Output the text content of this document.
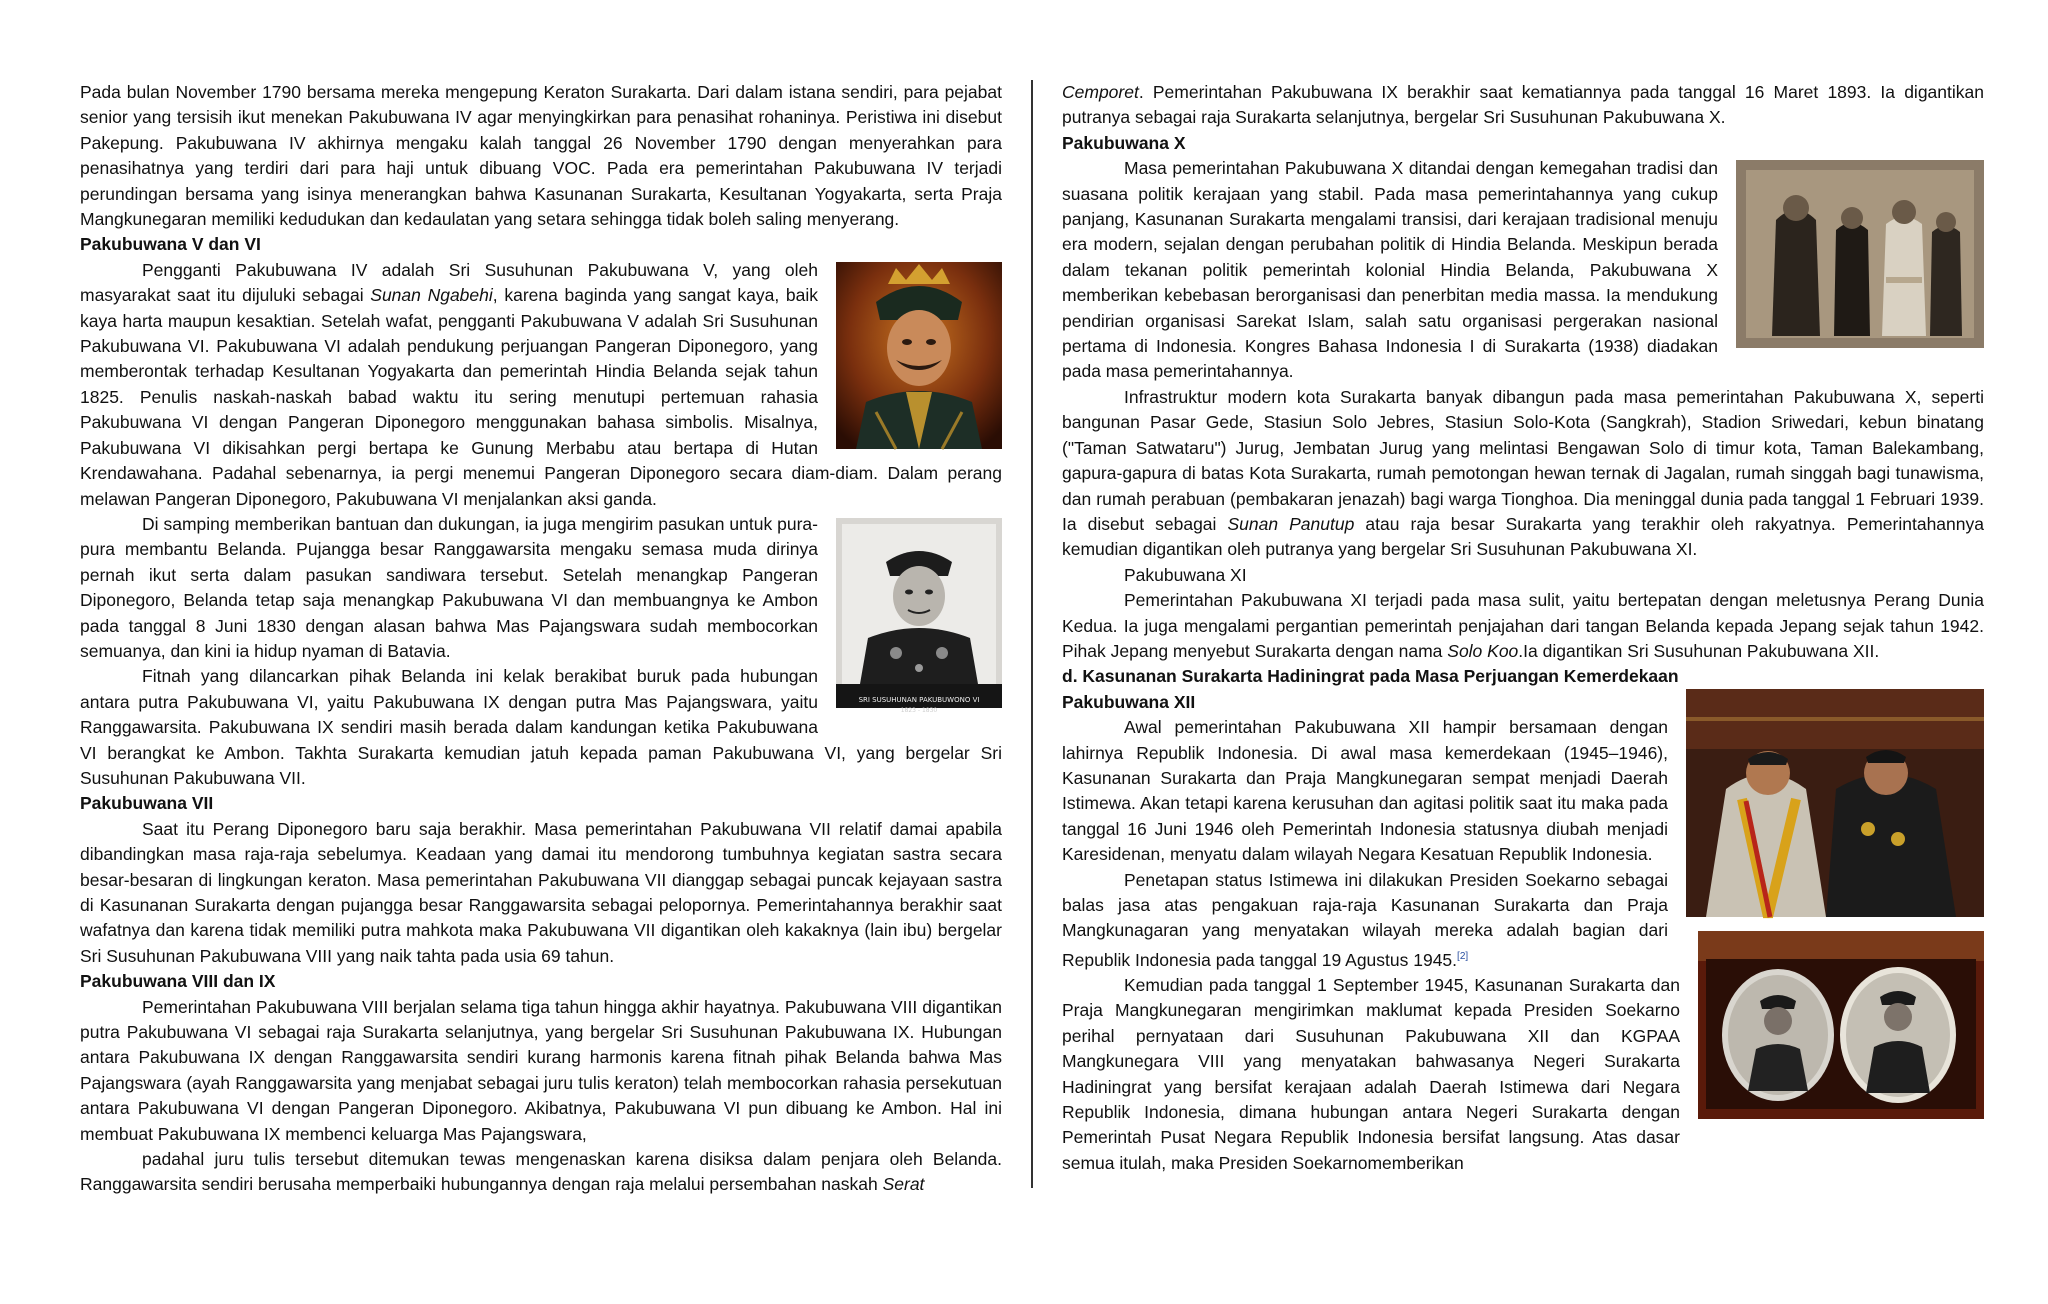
Pada bulan November 1790 bersama mereka mengepung Keraton Surakarta. Dari dalam istana sendiri, para pejabat senior yang tersisih ikut menekan Pakubuwana IV agar menyingkirkan para penasihat rohaninya. Peristiwa ini disebut Pakepung. Pakubuwana IV akhirnya mengaku kalah tanggal 26 November 1790 dengan menyerahkan para penasihatnya yang terdiri dari para haji untuk dibuang VOC. Pada era pemerintahan Pakubuwana IV terjadi perundingan bersama yang isinya menerangkan bahwa Kasunanan Surakarta, Kesultanan Yogyakarta, serta Praja Mangkunegaran memiliki kedudukan dan kedaulatan yang setara sehingga tidak boleh saling menyerang.

Pakubuwana V dan VI

Pengganti Pakubuwana IV adalah Sri Susuhunan Pakubuwana V, yang oleh masyarakat saat itu dijuluki sebagai Sunan Ngabehi, karena baginda yang sangat kaya, baik kaya harta maupun kesaktian. Setelah wafat, pengganti Pakubuwana V adalah Sri Susuhunan Pakubuwana VI. Pakubuwana VI adalah pendukung perjuangan Pangeran Diponegoro, yang memberontak terhadap Kesultanan Yogyakarta dan pemerintah Hindia Belanda sejak tahun 1825. Penulis naskah-naskah babad waktu itu sering menutupi pertemuan rahasia Pakubuwana VI dengan Pangeran Diponegoro menggunakan bahasa simbolis. Misalnya, Pakubuwana VI dikisahkan pergi bertapa ke Gunung Merbabu atau bertapa di Hutan Krendawahana. Padahal sebenarnya, ia pergi menemui Pangeran Diponegoro secara diam-diam. Dalam perang melawan Pangeran Diponegoro, Pakubuwana VI menjalankan aksi ganda.

SRI SUSUHUNAN PAKUBUWONO VI
1823 - 1830

Di samping memberikan bantuan dan dukungan, ia juga mengirim pasukan untuk pura-pura membantu Belanda. Pujangga besar Ranggawarsita mengaku semasa muda dirinya pernah ikut serta dalam pasukan sandiwara tersebut. Setelah menangkap Pangeran Diponegoro, Belanda tetap saja menangkap Pakubuwana VI dan membuangnya ke Ambon pada tanggal 8 Juni 1830 dengan alasan bahwa Mas Pajangswara sudah membocorkan semuanya, dan kini ia hidup nyaman di Batavia.

Fitnah yang dilancarkan pihak Belanda ini kelak berakibat buruk pada hubungan antara putra Pakubuwana VI, yaitu Pakubuwana IX dengan putra Mas Pajangswara, yaitu Ranggawarsita. Pakubuwana IX sendiri masih berada dalam kandungan ketika Pakubuwana VI berangkat ke Ambon. Takhta Surakarta kemudian jatuh kepada paman Pakubuwana VI, yang bergelar Sri Susuhunan Pakubuwana VII.

Pakubuwana VII

Saat itu Perang Diponegoro baru saja berakhir. Masa pemerintahan Pakubuwana VII relatif damai apabila dibandingkan masa raja-raja sebelumya. Keadaan yang damai itu mendorong tumbuhnya kegiatan sastra secara besar-besaran di lingkungan keraton. Masa pemerintahan Pakubuwana VII dianggap sebagai puncak kejayaan sastra di Kasunanan Surakarta dengan pujangga besar Ranggawarsita sebagai pelopornya. Pemerintahannya berakhir saat wafatnya dan karena tidak memiliki putra mahkota maka Pakubuwana VII digantikan oleh kakaknya (lain ibu) bergelar Sri Susuhunan Pakubuwana VIII yang naik tahta pada usia 69 tahun.

Pakubuwana VIII dan IX

Pemerintahan Pakubuwana VIII berjalan selama tiga tahun hingga akhir hayatnya. Pakubuwana VIII digantikan putra Pakubuwana VI sebagai raja Surakarta selanjutnya, yang bergelar Sri Susuhunan Pakubuwana IX. Hubungan antara Pakubuwana IX dengan Ranggawarsita sendiri kurang harmonis karena fitnah pihak Belanda bahwa Mas Pajangswara (ayah Ranggawarsita yang menjabat sebagai juru tulis keraton) telah membocorkan rahasia persekutuan antara Pakubuwana VI dengan Pangeran Diponegoro. Akibatnya, Pakubuwana VI pun dibuang ke Ambon. Hal ini membuat Pakubuwana IX membenci keluarga Mas Pajangswara,

padahal juru tulis tersebut ditemukan tewas mengenaskan karena disiksa dalam penjara oleh Belanda. Ranggawarsita sendiri berusaha memperbaiki hubungannya dengan raja melalui persembahan naskah Serat

Cemporet. Pemerintahan Pakubuwana IX berakhir saat kematiannya pada tanggal 16 Maret 1893. Ia digantikan putranya sebagai raja Surakarta selanjutnya, bergelar Sri Susuhunan Pakubuwana X.

Pakubuwana X

Masa pemerintahan Pakubuwana X ditandai dengan kemegahan tradisi dan suasana politik kerajaan yang stabil. Pada masa pemerintahannya yang cukup panjang, Kasunanan Surakarta mengalami transisi, dari kerajaan tradisional menuju era modern, sejalan dengan perubahan politik di Hindia Belanda. Meskipun berada dalam tekanan politik pemerintah kolonial Hindia Belanda, Pakubuwana X memberikan kebebasan berorganisasi dan penerbitan media massa. Ia mendukung pendirian organisasi Sarekat Islam, salah satu organisasi pergerakan nasional pertama di Indonesia. Kongres Bahasa Indonesia I di Surakarta (1938) diadakan pada masa pemerintahannya.

Infrastruktur modern kota Surakarta banyak dibangun pada masa pemerintahan Pakubuwana X, seperti bangunan Pasar Gede, Stasiun Solo Jebres, Stasiun Solo-Kota (Sangkrah), Stadion Sriwedari, kebun binatang ("Taman Satwataru") Jurug, Jembatan Jurug yang melintasi Bengawan Solo di timur kota, Taman Balekambang, gapura-gapura di batas Kota Surakarta, rumah pemotongan hewan ternak di Jagalan, rumah singgah bagi tunawisma, dan rumah perabuan (pembakaran jenazah) bagi warga Tionghoa. Dia meninggal dunia pada tanggal 1 Februari 1939. Ia disebut sebagai Sunan Panutup atau raja besar Surakarta yang terakhir oleh rakyatnya. Pemerintahannya kemudian digantikan oleh putranya yang bergelar Sri Susuhunan Pakubuwana XI.

Pakubuwana XI

Pemerintahan Pakubuwana XI terjadi pada masa sulit, yaitu bertepatan dengan meletusnya Perang Dunia Kedua. Ia juga mengalami pergantian pemerintah penjajahan dari tangan Belanda kepada Jepang sejak tahun 1942. Pihak Jepang menyebut Surakarta dengan nama Solo Koo.Ia digantikan Sri Susuhunan Pakubuwana XII.

d. Kasunanan Surakarta Hadiningrat pada Masa Perjuangan Kemerdekaan
Pakubuwana XII

Awal pemerintahan Pakubuwana XII hampir bersamaan dengan lahirnya Republik Indonesia. Di awal masa kemerdekaan (1945–1946), Kasunanan Surakarta dan Praja Mangkunegaran sempat menjadi Daerah Istimewa. Akan tetapi karena kerusuhan dan agitasi politik saat itu maka pada tanggal 16 Juni 1946 oleh Pemerintah Indonesia statusnya diubah menjadi Karesidenan, menyatu dalam wilayah Negara Kesatuan Republik Indonesia.

Penetapan status Istimewa ini dilakukan Presiden Soekarno sebagai balas jasa atas pengakuan raja-raja Kasunanan Surakarta dan Praja Mangkunagaran yang menyatakan wilayah mereka adalah bagian dari Republik Indonesia pada tanggal 19 Agustus 1945.[2]

Kemudian pada tanggal 1 September 1945, Kasunanan Surakarta dan Praja Mangkunegaran mengirimkan maklumat kepada Presiden Soekarno perihal pernyataan dari Susuhunan Pakubuwana XII dan KGPAA Mangkunegara VIII yang menyatakan bahwasanya Negeri Surakarta Hadiningrat yang bersifat kerajaan adalah Daerah Istimewa dari Negara Republik Indonesia, dimana hubungan antara Negeri Surakarta dengan Pemerintah Pusat Negara Republik Indonesia bersifat langsung. Atas dasar semua itulah, maka Presiden Soekarnomemberikan
